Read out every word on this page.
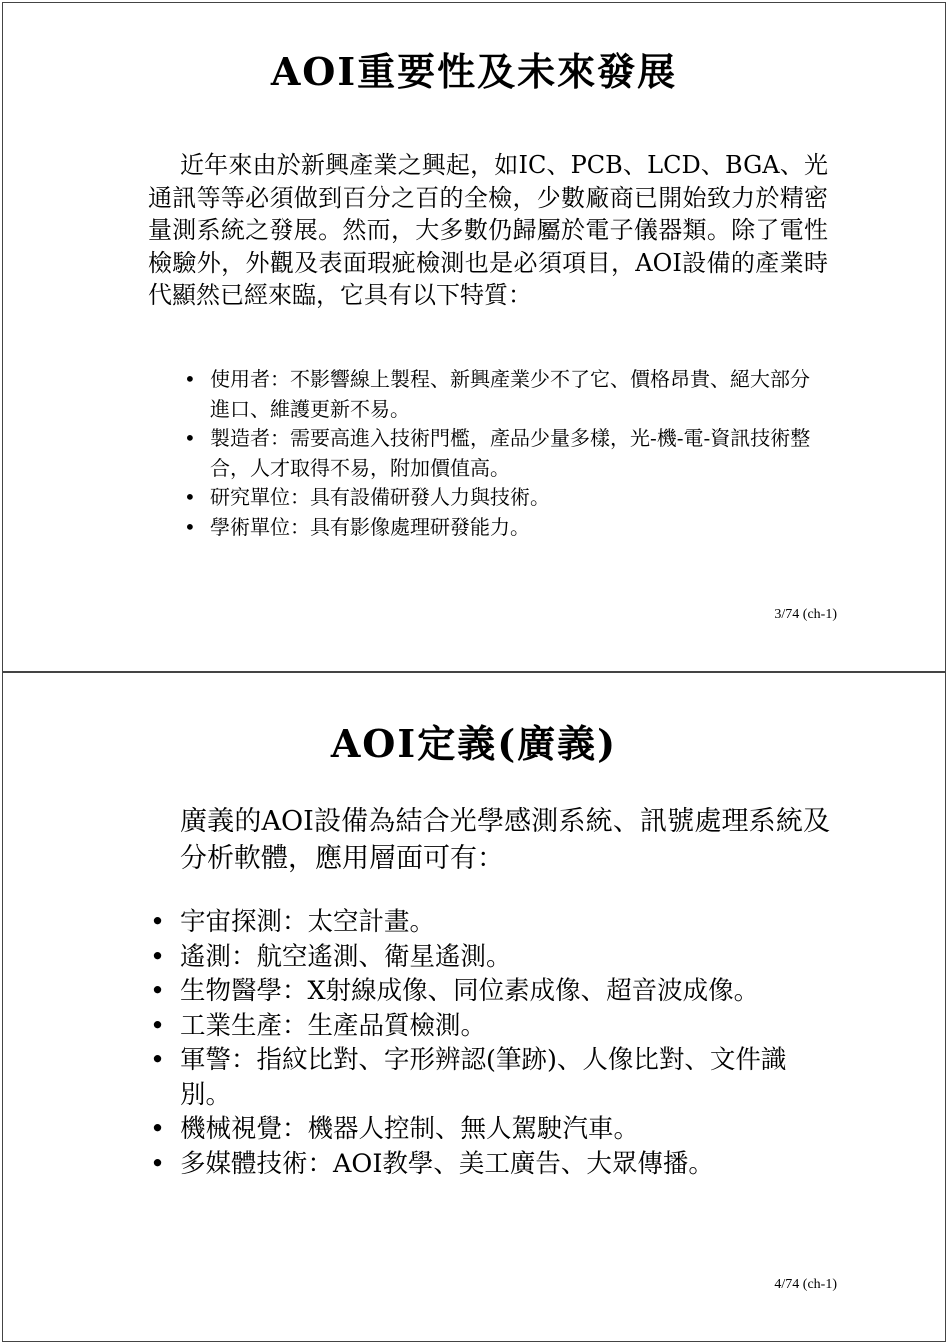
AOI重要性及未來發展
近年來由於新興產業之興起，如IC、PCB、LCD、BGA、光通訊等等必須做到百分之百的全檢，少數廠商已開始致力於精密量測系統之發展。然而，大多數仍歸屬於電子儀器類。除了電性檢驗外，外觀及表面瑕疵檢測也是必須項目，AOI設備的產業時代顯然已經來臨，它具有以下特質：
• 使用者：不影響線上製程、新興產業少不了它、價格昂貴、絕大部分進口、維護更新不易。
• 製造者：需要高進入技術門檻，產品少量多樣，光-機-電-資訊技術整合，人才取得不易，附加價值高。
• 研究單位：具有設備研發人力與技術。
• 學術單位：具有影像處理研發能力。
3/74 (ch-1)
AOI定義(廣義)
廣義的AOI設備為結合光學感測系統、訊號處理系統及分析軟體，應用層面可有：
• 宇宙探測：太空計畫。
• 遙測：航空遙測、衛星遙測。
• 生物醫學：X射線成像、同位素成像、超音波成像。
• 工業生產：生產品質檢測。
• 軍警：指紋比對、字形辨認(筆跡)、人像比對、文件識別。
• 機械視覺：機器人控制、無人駕駛汽車。
• 多媒體技術：AOI教學、美工廣告、大眾傳播。
4/74 (ch-1)
